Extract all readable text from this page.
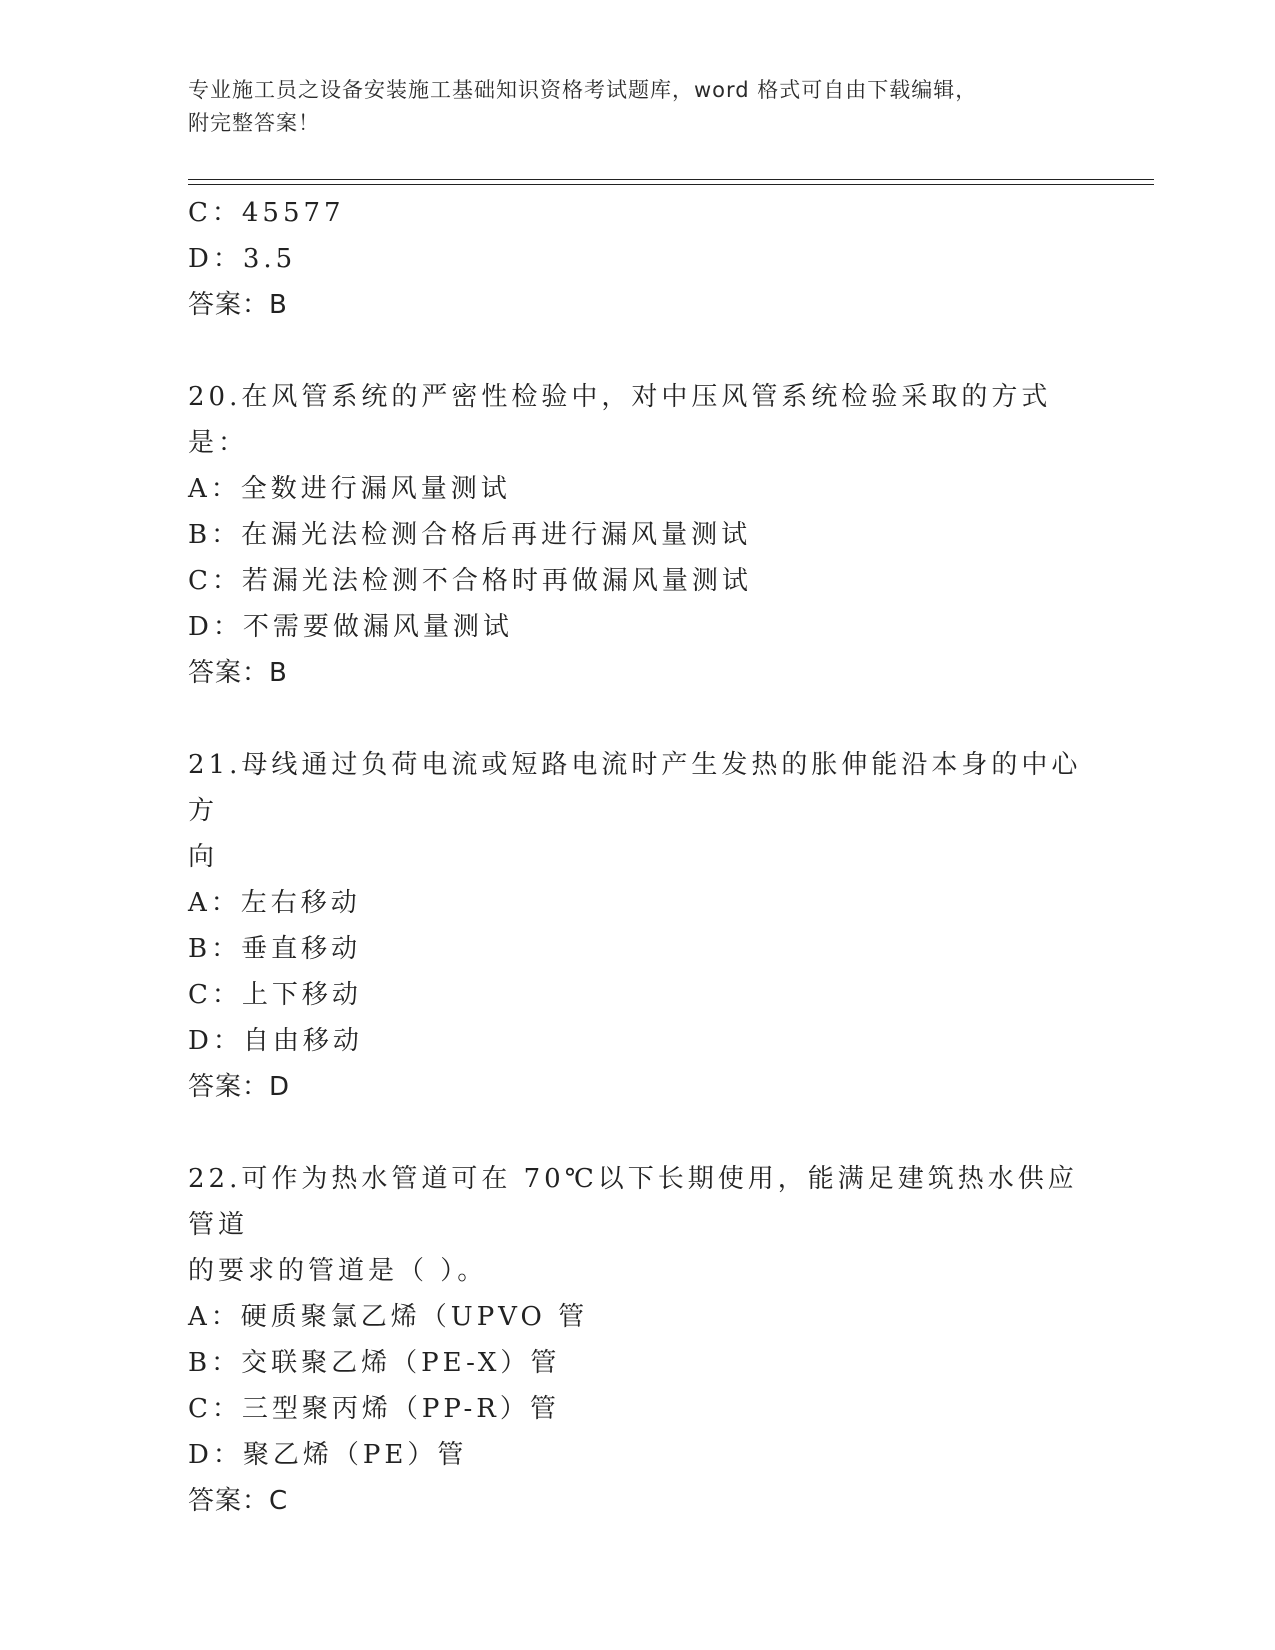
专业施工员之设备安装施工基础知识资格考试题库，word 格式可自由下载编辑，
附完整答案！
C：45577
D：3.5
答案：B
20.在风管系统的严密性检验中，对中压风管系统检验采取的方式是：
A：全数进行漏风量测试
B：在漏光法检测合格后再进行漏风量测试
C：若漏光法检测不合格时再做漏风量测试
D：不需要做漏风量测试
答案：B
21.母线通过负荷电流或短路电流时产生发热的胀伸能沿本身的中心方
向
A：左右移动
B：垂直移动
C：上下移动
D：自由移动
答案：D
22.可作为热水管道可在 70℃以下长期使用，能满足建筑热水供应管道
的要求的管道是（ ）。
A：硬质聚氯乙烯（UPVO 管
B：交联聚乙烯（PE-X）管
C：三型聚丙烯（PP-R）管
D：聚乙烯（PE）管
答案：C
